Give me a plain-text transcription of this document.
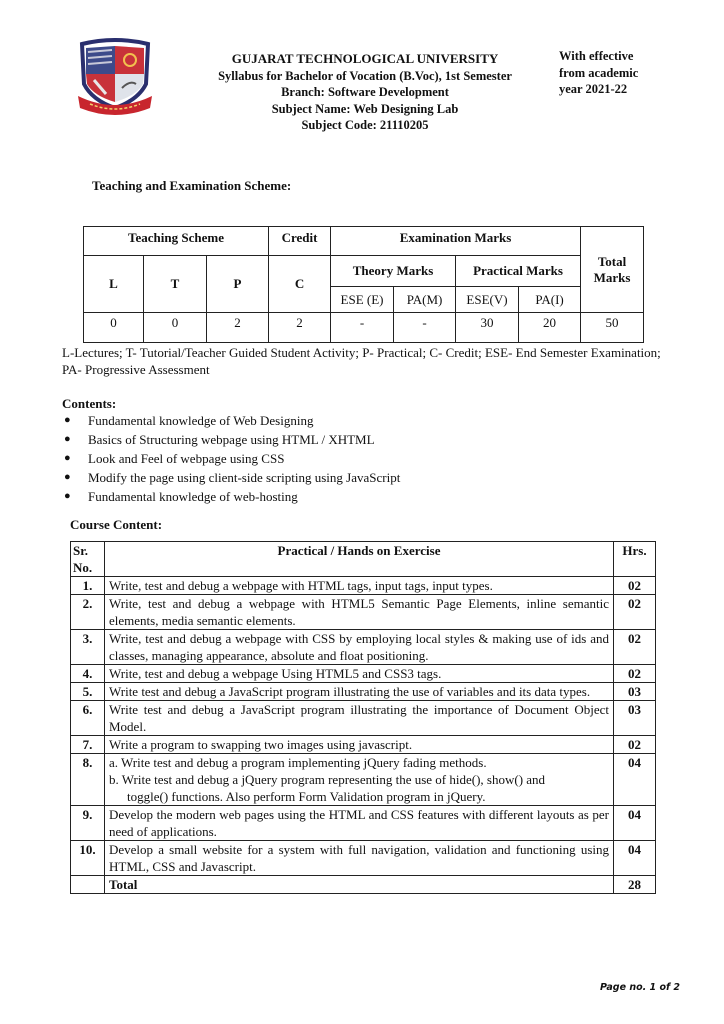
GUJARAT TECHNOLOGICAL UNIVERSITY
Syllabus for Bachelor of Vocation (B.Voc), 1st Semester
Branch: Software Development
Subject Name: Web Designing Lab
Subject Code: 21110205
With effective
from academic
year 2021-22
Teaching and Examination Scheme:
Teaching Scheme			Credit	Examination Marks				Total Marks
L	T	P	C	Theory Marks		Practical Marks		
				ESE (E)	PA(M)	ESE(V)	PA(I)	
0	0	2	2	-	-	30	20	50
L-Lectures; T- Tutorial/Teacher Guided Student Activity; P- Practical; C- Credit; ESE- End Semester Examination; PA- Progressive Assessment
Contents:
● Fundamental knowledge of Web Designing
● Basics of Structuring webpage using HTML / XHTML
● Look and Feel of webpage using CSS
● Modify the page using client-side scripting using JavaScript
● Fundamental knowledge of web-hosting
Course Content:
Sr. No.	Practical / Hands on Exercise	Hrs.
1.	Write, test and debug a webpage with HTML tags, input tags, input types.	02
2.	Write, test and debug a webpage with HTML5 Semantic Page Elements, inline semantic elements, media semantic elements.	02
3.	Write, test and debug a webpage with CSS by employing local styles & making use of ids and classes, managing appearance, absolute and float positioning.	02
4.	Write, test and debug a webpage Using HTML5 and CSS3 tags.	02
5.	Write test and debug a JavaScript program illustrating the use of variables and its data types.	03
6.	Write test and debug a JavaScript program illustrating the importance of Document Object Model.	03
7.	Write a program to swapping two images using javascript.	02
8.	a. Write test and debug a program implementing jQuery fading methods.
b. Write test and debug a jQuery program representing the use of hide(), show() and
toggle() functions. Also perform Form Validation program in jQuery.	04
9.	Develop the modern web pages using the HTML and CSS features with different layouts as per need of applications.	04
10.	Develop a small website for a system with full navigation, validation and functioning using HTML, CSS and Javascript.	04
	Total	28
Page no. 1 of 2
